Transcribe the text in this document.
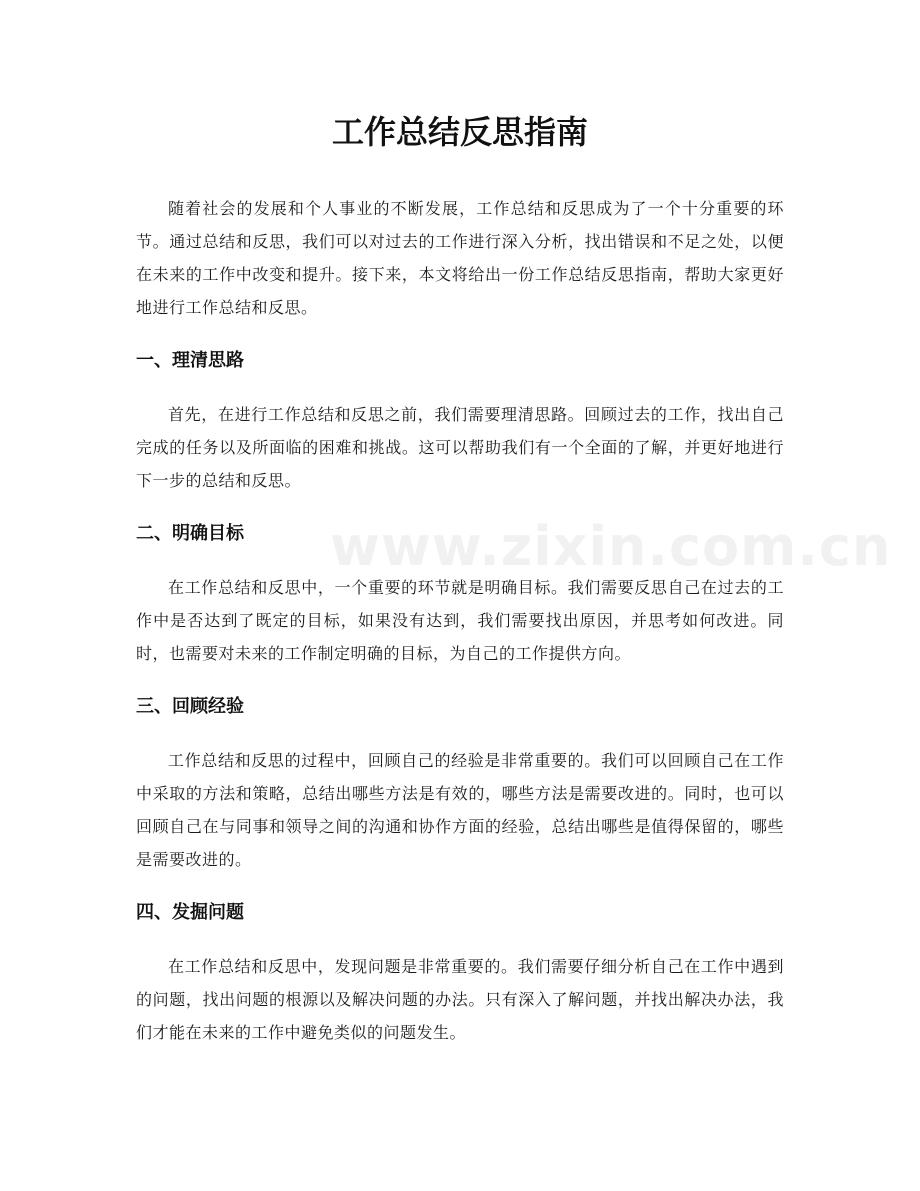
工作总结反思指南

随着社会的发展和个人事业的不断发展，工作总结和反思成为了一个十分重要的环节。通过总结和反思，我们可以对过去的工作进行深入分析，找出错误和不足之处，以便在未来的工作中改变和提升。接下来，本文将给出一份工作总结反思指南，帮助大家更好地进行工作总结和反思。

一、理清思路

首先，在进行工作总结和反思之前，我们需要理清思路。回顾过去的工作，找出自己完成的任务以及所面临的困难和挑战。这可以帮助我们有一个全面的了解，并更好地进行下一步的总结和反思。

二、明确目标

在工作总结和反思中，一个重要的环节就是明确目标。我们需要反思自己在过去的工作中是否达到了既定的目标，如果没有达到，我们需要找出原因，并思考如何改进。同时，也需要对未来的工作制定明确的目标，为自己的工作提供方向。

三、回顾经验

工作总结和反思的过程中，回顾自己的经验是非常重要的。我们可以回顾自己在工作中采取的方法和策略，总结出哪些方法是有效的，哪些方法是需要改进的。同时，也可以回顾自己在与同事和领导之间的沟通和协作方面的经验，总结出哪些是值得保留的，哪些是需要改进的。

四、发掘问题

在工作总结和反思中，发现问题是非常重要的。我们需要仔细分析自己在工作中遇到的问题，找出问题的根源以及解决问题的办法。只有深入了解问题，并找出解决办法，我们才能在未来的工作中避免类似的问题发生。

www.zixin.com.cn
